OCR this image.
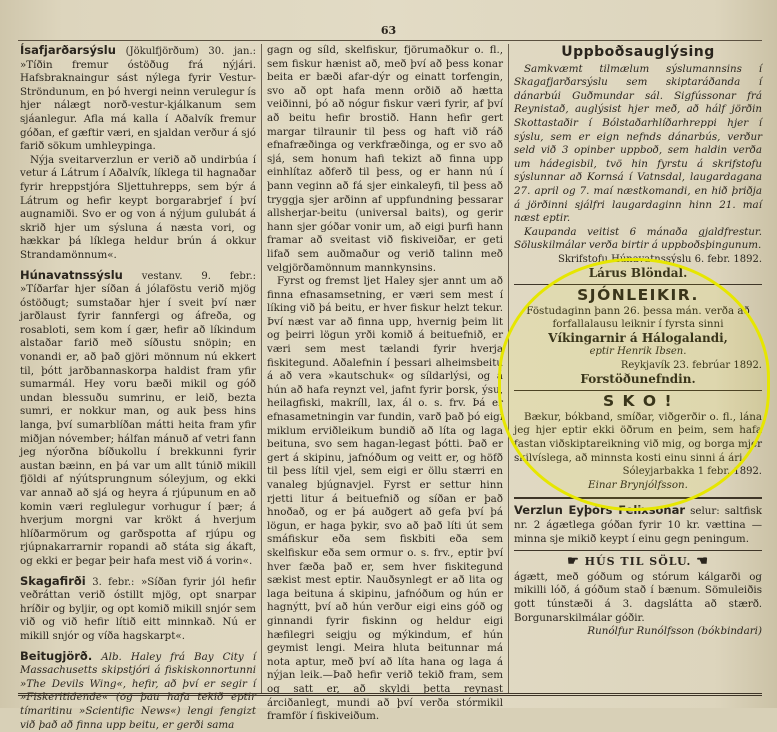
63

Ísafjarðarsýslu (Jökulfjörðum) 30. jan.: »Tíðin fremur óstöðug frá nýjári. Hafsbraknaingur sást nýlega fyrir Vestur-Ströndunum, en þó hvergi neinn verulegur ís hjer nálægt norð-vestur-kjálkanum sem sjáanlegur. Afla má kalla í Aðalvík fremur góðan, ef gæftir væri, en sjaldan verður á sjó farið sökum umhleypinga.

Nýja sveitarverzlun er verið að undirbúa í vetur á Látrum í Aðalvík, líklega til hagnaðar fyrir hreppstjóra Sljettuhrepps, sem býr á Látrum og hefir keypt borgarabrjef í því augnamiði. Svo er og von á nýjum gulubát á skrið hjer um sýsluna á næsta vori, og hækkar þá líklega heldur brún á okkur Strandamönnum«.

Húnavatnssýslu vestanv. 9. febr.: »Tíðarfar hjer síðan á jólaföstu verið mjög óstöðugt; sumstaðar hjer í sveit því nær jarðlaust fyrir fannfergi og áfreða, og rosabloti, sem kom í gær, hefir að líkindum alstaðar farið með síðustu snöpin; en vonandi er, að það gjöri mönnum nú ekkert til, þótt jarðbannaskorpa haldist fram yfir sumarmál. Hey voru bæði mikil og góð undan blessuðu sumrinu, er leið, bezta sumri, er nokkur man, og auk þess hins langa, því sumarblíðan mátti heita fram yfir miðjan nóvember; hálfan mánuð af vetri fann jeg nýorðna bíðukollu í brekkunni fyrir austan bæinn, en þá var um allt túnið mikill fjöldi af nýútsprungnum sóleyjum, og ekki var annað að sjá og heyra á rjúpunum en að komin væri reglulegur vorhugur í þær; á hverjum morgni var krökt á hverjum hlíðarmörum og garðspotta af rjúpu og rjúpnakarrarnir ropandi að státa sig ákaft, og ekki er þegar þeir hafa mest við á vorin«.

Skagafirði 3. febr.: »Síðan fyrir jól hefir veðráttan verið óstillt mjög, opt snarpar hríðir og byljir, og opt komið mikill snjór sem við og við hefir lítið eitt minnkað. Nú er mikill snjór og víða hagskarpt«.

Beitugjörð. Alb. Haley frá Bay City í Massachusetts skipstjóri á fiskiskonnortunni »The Devils Wing«, hefir, að því er segir í »Fiskeritidende« (og þau hafa tekið eptir tímaritinu »Scientific News«) lengi fengizt við það að finna upp beitu, er gerði sama

gagn og síld, skelfiskur, fjörumaðkur o. fl., sem fiskur hænist að, með því að þess konar beita er bæði afar-dýr og einatt torfengin, svo að opt hafa menn orðið að hætta veiðinni, þó að nógur fiskur væri fyrir, af því að beitu hefir brostið. Hann hefir gert margar tilraunir til þess og haft við ráð efnafræðinga og verkfræðinga, og er svo að sjá, sem honum hafi tekizt að finna upp einhlítaz aðferð til þess, og er hann nú í þann veginn að fá sjer einkaleyfi, til þess að tryggja sjer arðinn af uppfundning þessarar allsherjar-beitu (universal baits), og gerir hann sjer góðar vonir um, að eigi þurfi hann framar að sveitast við fiskiveiðar, er geti lifað sem auðmaður og verið talinn með velgjörðamönnum mannkynsins.

Fyrst og fremst ljet Haley sjer annt um að finna efnasamsetning, er væri sem mest í líking við þá beitu, er hver fiskur helzt tekur. Því næst var að finna upp, hvernig þeim lit og þeirri lögun yrði komið á beituefnið, er væri sem mest tælandi fyrir hverja fiskitegund. Aðalefnin í þessari alheimsbeitu á að vera »kautschuk« og síldarlýsi, og á hún að hafa reynzt vel, jafnt fyrir þorsk, ýsu, heilagfiski, makríll, lax, ál o. s. frv. Þá er efnasametningin var fundin, varð það þó eigi miklum erviðleikum bundið að líta og laga beituna, svo sem hagan-legast þótti. Það er gert á skipinu, jafnóðum og veitt er, og höfð til þess lítil vjel, sem eigi er öllu stærri en vanaleg bjúgnavjel. Fyrst er settur hinn rjetti litur á beituefnið og síðan er það hnoðað, og er þá auðgert að gefa því þá lögun, er haga þykir, svo að það líti út sem smáfiskur eða sem fiskbiti eða sem skelfiskur eða sem ormur o. s. frv., eptir því hver fæða það er, sem hver fiskitegund sækist mest eptir. Nauðsynlegt er að lita og laga beituna á skipinu, jafnóðum og hún er hagnýtt, því að hún verður eigi eins góð og ginnandi fyrir fiskinn og heldur eigi hæfilegri seigju og mýkindum, ef hún geymist lengi. Meira hluta beitunnar má nota aptur, með því að líta hana og laga á nýjan leik.—Það hefir verið tekið fram, sem og satt er, að skyldi þetta reynast árciðanlegt, mundi að því verða stórmikil framför í fiskiveiðum.

Uppboðsauglýsing

Samkvæmt tilmælum sýslumannsins í Skagafjarðarsýslu sem skiptaráðanda í dánarbúi Guðmundar sál. Sigfússonar frá Reynistað, auglýsist hjer með, að hálf jörðin Skottastaðir í Bólstaðarhlíðarhreppi hjer í sýslu, sem er eign nefnds dánarbús, verður seld við 3 opinber uppboð, sem haldin verða um hádegisbil, tvö hin fyrstu á skrifstofu sýslunnar að Kornsá í Vatnsdal, laugardagana 27. april og 7. maí næstkomandi, en hið þriðja á jörðinni sjálfri laugardaginn hinn 21. maí næst eptir.

Kaupanda veitist 6 mánaða gjaldfrestur. Söluskilmálar verða birtir á uppboðsþingunum.

Skrifstofu Húnavatnssýslu 6. febr. 1892.

Lárus Blöndal.

SJÓNLEIKIR.

Föstudaginn þann 26. þessa mán. verða að forfallalausu leiknir í fyrsta sinni

Víkingarnir á Hálogalandi,

eptir Henrik Ibsen.

Reykjavík 23. febrúar 1892.

Forstöðunefndin.

S K O !

Bækur, bókband, smíðar, viðgerðir o. fl., lána jeg hjer eptir ekki öðrum en þeim, sem hafa fastan viðskiptareikning við mig, og borga mjer skilvíslega, að minnsta kosti einu sinni á ári.

Sóleyjarbakka 1 febr. 1892.

Einar Brynjólfsson.

Verzlun Eyþórs Felixsonar selur: saltfisk nr. 2 ágætlega góðan fyrir 10 kr. vættina — minna sje mikið keypt í einu gegn peningum.

☛ HÚS TIL SÖLU. ☚

ágætt, með góðum og stórum kálgarði og mikilli lóð, á góðum stað í bænum. Sömuleiðis gott túnstæði á 3. dagslátta að stærð. Borgunarskilmálar góðir.

Runólfur Runólfsson (bókbindari)
